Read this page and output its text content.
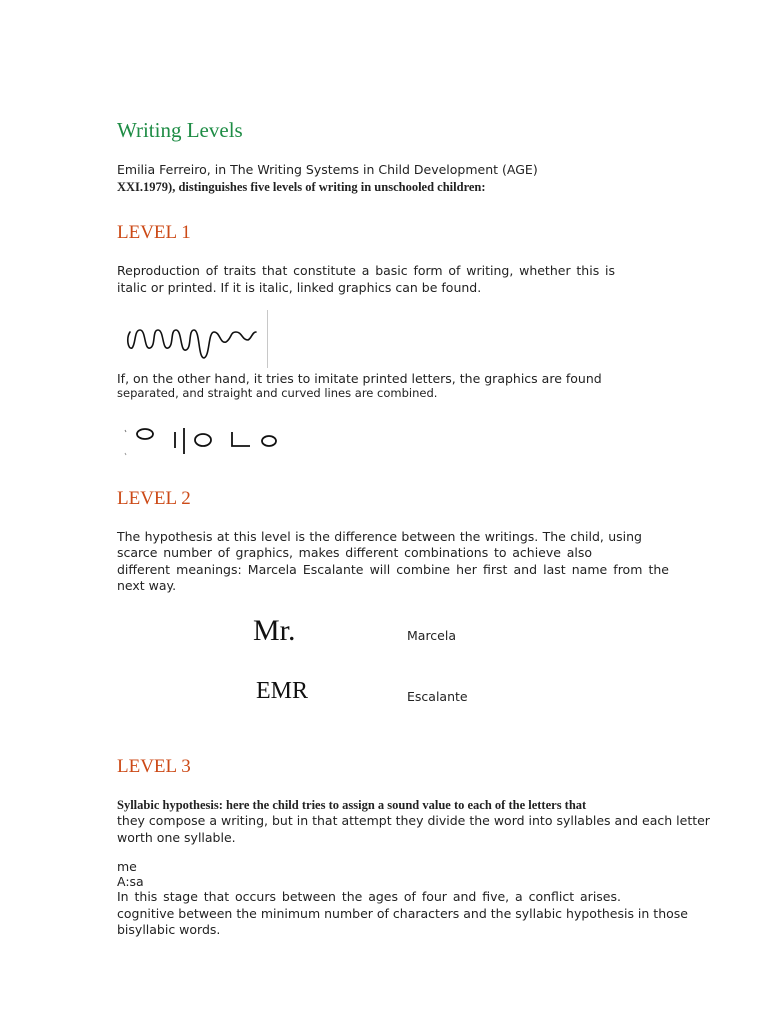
Writing Levels
Emilia Ferreiro, in The Writing Systems in Child Development (AGE)
XXI.1979), distinguishes five levels of writing in unschooled children:
LEVEL 1
Reproduction of traits that constitute a basic form of writing, whether this is
italic or printed. If it is italic, linked graphics can be found.
If, on the other hand, it tries to imitate printed letters, the graphics are found
separated, and straight and curved lines are combined.
LEVEL 2
The hypothesis at this level is the difference between the writings. The child, using
scarce number of graphics, makes different combinations to achieve also
different meanings: Marcela Escalante will combine her first and last name from the
next way.
Mr.	Marcela
EMR	Escalante
LEVEL 3
Syllabic hypothesis: here the child tries to assign a sound value to each of the letters that
they compose a writing, but in that attempt they divide the word into syllables and each letter
worth one syllable.
me
A:sa
In this stage that occurs between the ages of four and five, a conflict arises.
cognitive between the minimum number of characters and the syllabic hypothesis in those
bisyllabic words.
